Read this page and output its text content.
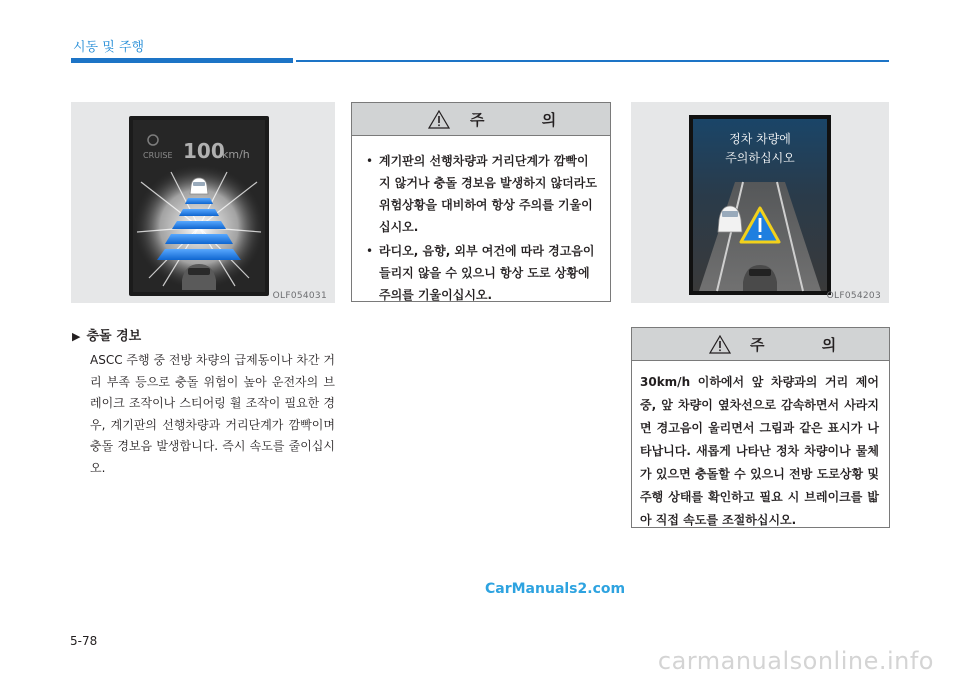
시동 및 주행
CRUISE 100
km/h
OLF054031
주 의
• 계기판의 선행차량과 거리단계가 깜빡이지 않거나 충돌 경보음 발생하지 않더라도 위험상황을 대비하여 항상 주의를 기울이십시오.
• 라디오, 음향, 외부 여건에 따라 경고음이 들리지 않을 수 있으니 항상 도로 상황에 주의를 기울이십시오.
정차 차량에
주의하십시오
OLF054203
▶ 충돌 경보
ASCC 주행 중 전방 차량의 급제동이나 차간 거리 부족 등으로 충돌 위험이 높아 운전자의 브레이크 조작이나 스티어링 휠 조작이 필요한 경우, 계기판의 선행차량과 거리단계가 깜빡이며 충돌 경보음 발생합니다. 즉시 속도를 줄이십시오.
주 의
30km/h 이하에서 앞 차량과의 거리 제어 중, 앞 차량이 옆차선으로 감속하면서 사라지면 경고음이 울리면서 그림과 같은 표시가 나타납니다. 새롭게 나타난 정차 차량이나 물체가 있으면 충돌할 수 있으니 전방 도로상황 및 주행 상태를 확인하고 필요 시 브레이크를 밟아 직접 속도를 조절하십시오.
CarManuals2.com
5-78
carmanualsonline.info
